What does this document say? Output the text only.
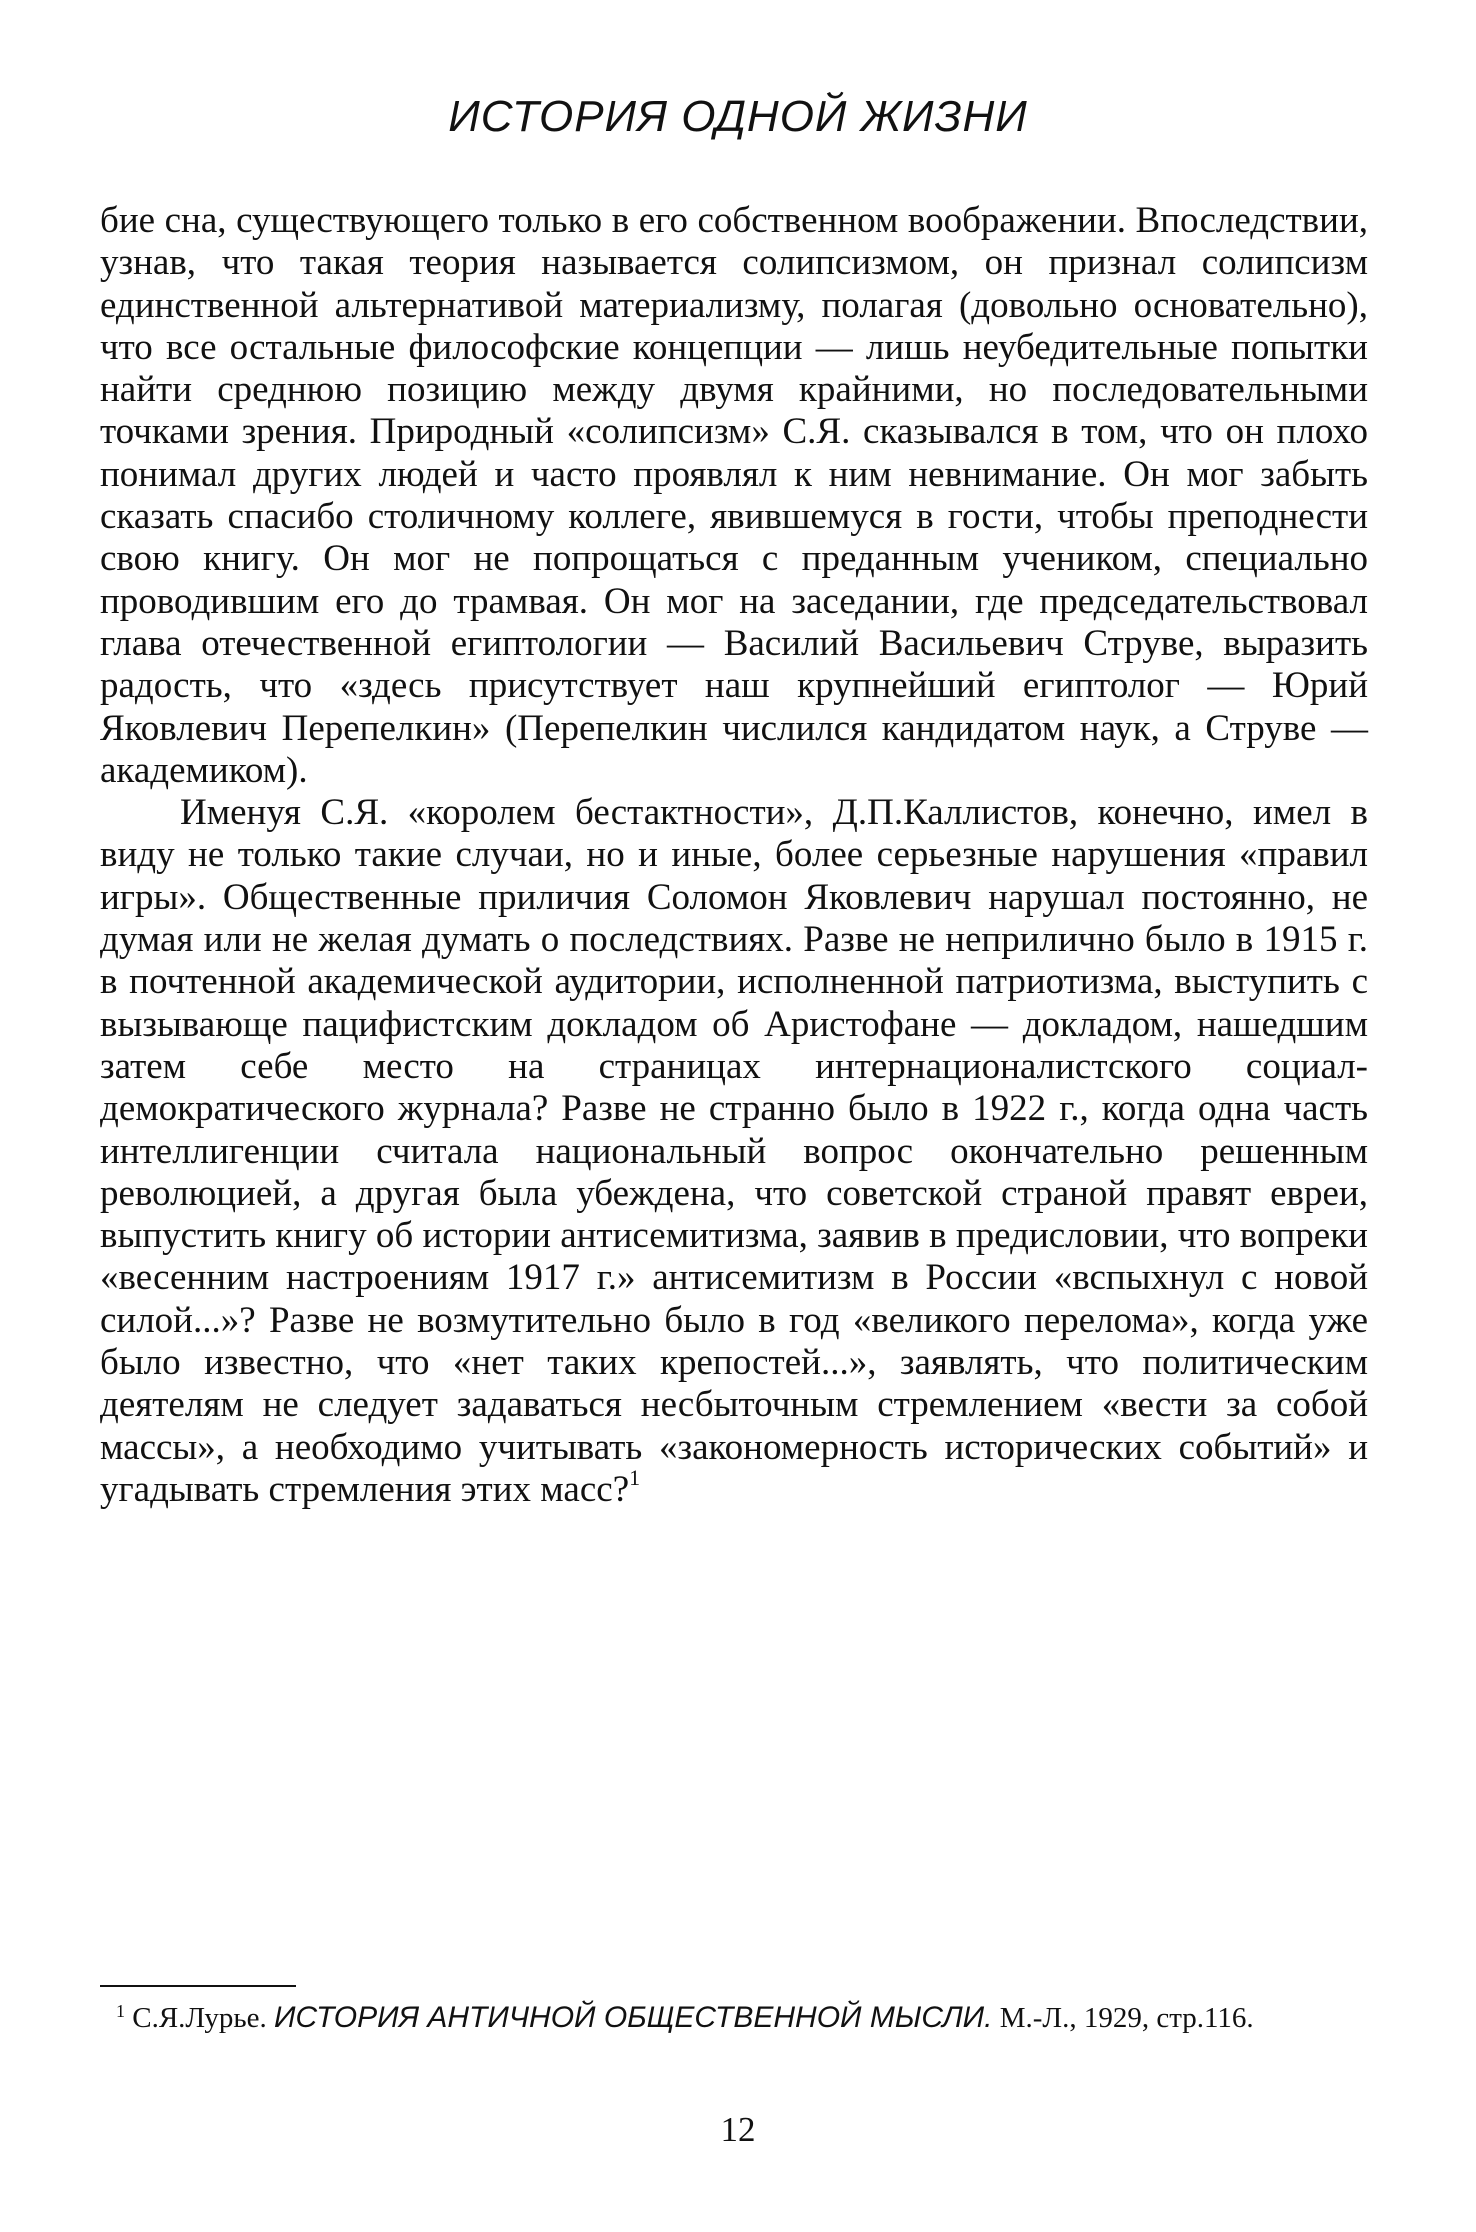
ИСТОРИЯ ОДНОЙ ЖИЗНИ

бие сна, существующего только в его собственном воображении. Впоследствии, узнав, что такая теория называется солипсизмом, он признал солипсизм единственной альтернативой материализму, полагая (довольно основательно), что все остальные философские концепции — лишь неубедительные попытки найти среднюю позицию между двумя крайними, но последовательными точками зрения. Природный «солипсизм» С.Я. сказывался в том, что он плохо понимал других людей и часто проявлял к ним невнимание. Он мог забыть сказать спасибо столичному коллеге, явившемуся в гости, чтобы преподнести свою книгу. Он мог не попрощаться с преданным учеником, специально проводившим его до трамвая. Он мог на заседании, где председательствовал глава отечественной египтологии — Василий Васильевич Струве, выразить радость, что «здесь присутствует наш крупнейший египтолог — Юрий Яковлевич Перепелкин» (Перепелкин числился кандидатом наук, а Струве — академиком).

Именуя С.Я. «королем бестактности», Д.П.Каллистов, конечно, имел в виду не только такие случаи, но и иные, более серьезные нарушения «правил игры». Общественные приличия Соломон Яковлевич нарушал постоянно, не думая или не желая думать о последствиях. Разве не неприлично было в 1915 г. в почтенной академической аудитории, исполненной патриотизма, выступить с вызывающе пацифистским докладом об Аристофане — докладом, нашедшим затем себе место на страницах интернационалистского социал-демократического журнала? Разве не странно было в 1922 г., когда одна часть интеллигенции считала национальный вопрос окончательно решенным революцией, а другая была убеждена, что советской страной правят евреи, выпустить книгу об истории антисемитизма, заявив в предисловии, что вопреки «весенним настроениям 1917 г.» антисемитизм в России «вспыхнул с новой силой...»? Разве не возмутительно было в год «великого перелома», когда уже было известно, что «нет таких крепостей...», заявлять, что политическим деятелям не следует задаваться несбыточным стремлением «вести за собой массы», а необходимо учитывать «закономерность исторических событий» и угадывать стремления этих масс?$^1$

$^1$ С.Я.Лурье. ИСТОРИЯ АНТИЧНОЙ ОБЩЕСТВЕННОЙ МЫСЛИ. М.-Л., 1929, стр.116.
12
